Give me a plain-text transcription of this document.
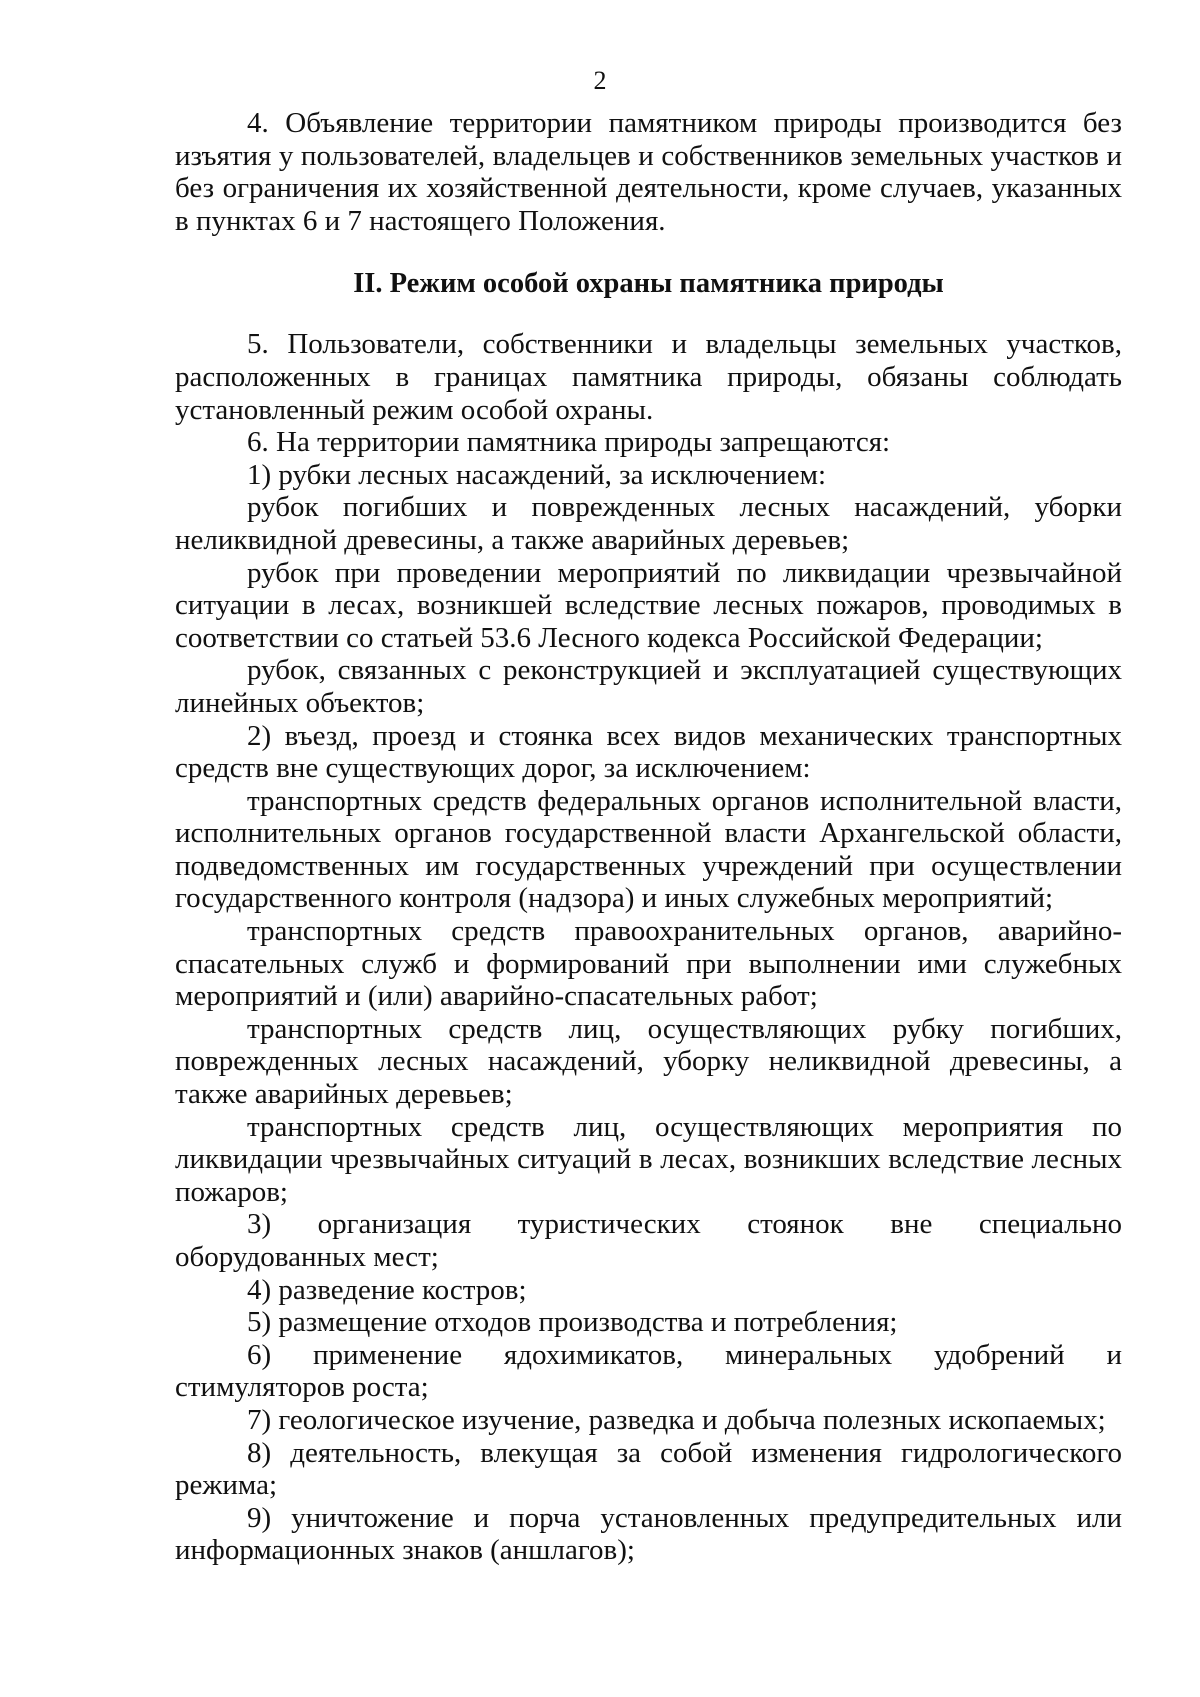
2

4. Объявление территории памятником природы производится без изъятия у пользователей, владельцев и собственников земельных участков и без ограничения их хозяйственной деятельности, кроме случаев, указанных в пунктах 6 и 7 настоящего Положения.

II. Режим особой охраны памятника природы

5. Пользователи, собственники и владельцы земельных участков, расположенных в границах памятника природы, обязаны соблюдать установленный режим особой охраны.

6. На территории памятника природы запрещаются:

1) рубки лесных насаждений, за исключением:

рубок погибших и поврежденных лесных насаждений, уборки неликвидной древесины, а также аварийных деревьев;

рубок при проведении мероприятий по ликвидации чрезвычайной ситуации в лесах, возникшей вследствие лесных пожаров, проводимых в соответствии со статьей 53.6 Лесного кодекса Российской Федерации;

рубок, связанных с реконструкцией и эксплуатацией существующих линейных объектов;

2) въезд, проезд и стоянка всех видов механических транспортных средств вне существующих дорог, за исключением:

транспортных средств федеральных органов исполнительной власти, исполнительных органов государственной власти Архангельской области, подведомственных им государственных учреждений при осуществлении государственного контроля (надзора) и иных служебных мероприятий;

транспортных средств правоохранительных органов, аварийно-спасательных служб и формирований при выполнении ими служебных мероприятий и (или) аварийно-спасательных работ;

транспортных средств лиц, осуществляющих рубку погибших, поврежденных лесных насаждений, уборку неликвидной древесины, а также аварийных деревьев;

транспортных средств лиц, осуществляющих мероприятия по ликвидации чрезвычайных ситуаций в лесах, возникших вследствие лесных пожаров;

3) организация туристических стоянок вне специально оборудованных мест;

4) разведение костров;

5) размещение отходов производства и потребления;

6) применение ядохимикатов, минеральных удобрений и стимуляторов роста;

7) геологическое изучение, разведка и добыча полезных ископаемых;

8) деятельность, влекущая за собой изменения гидрологического режима;

9) уничтожение и порча установленных предупредительных или информационных знаков (аншлагов);
